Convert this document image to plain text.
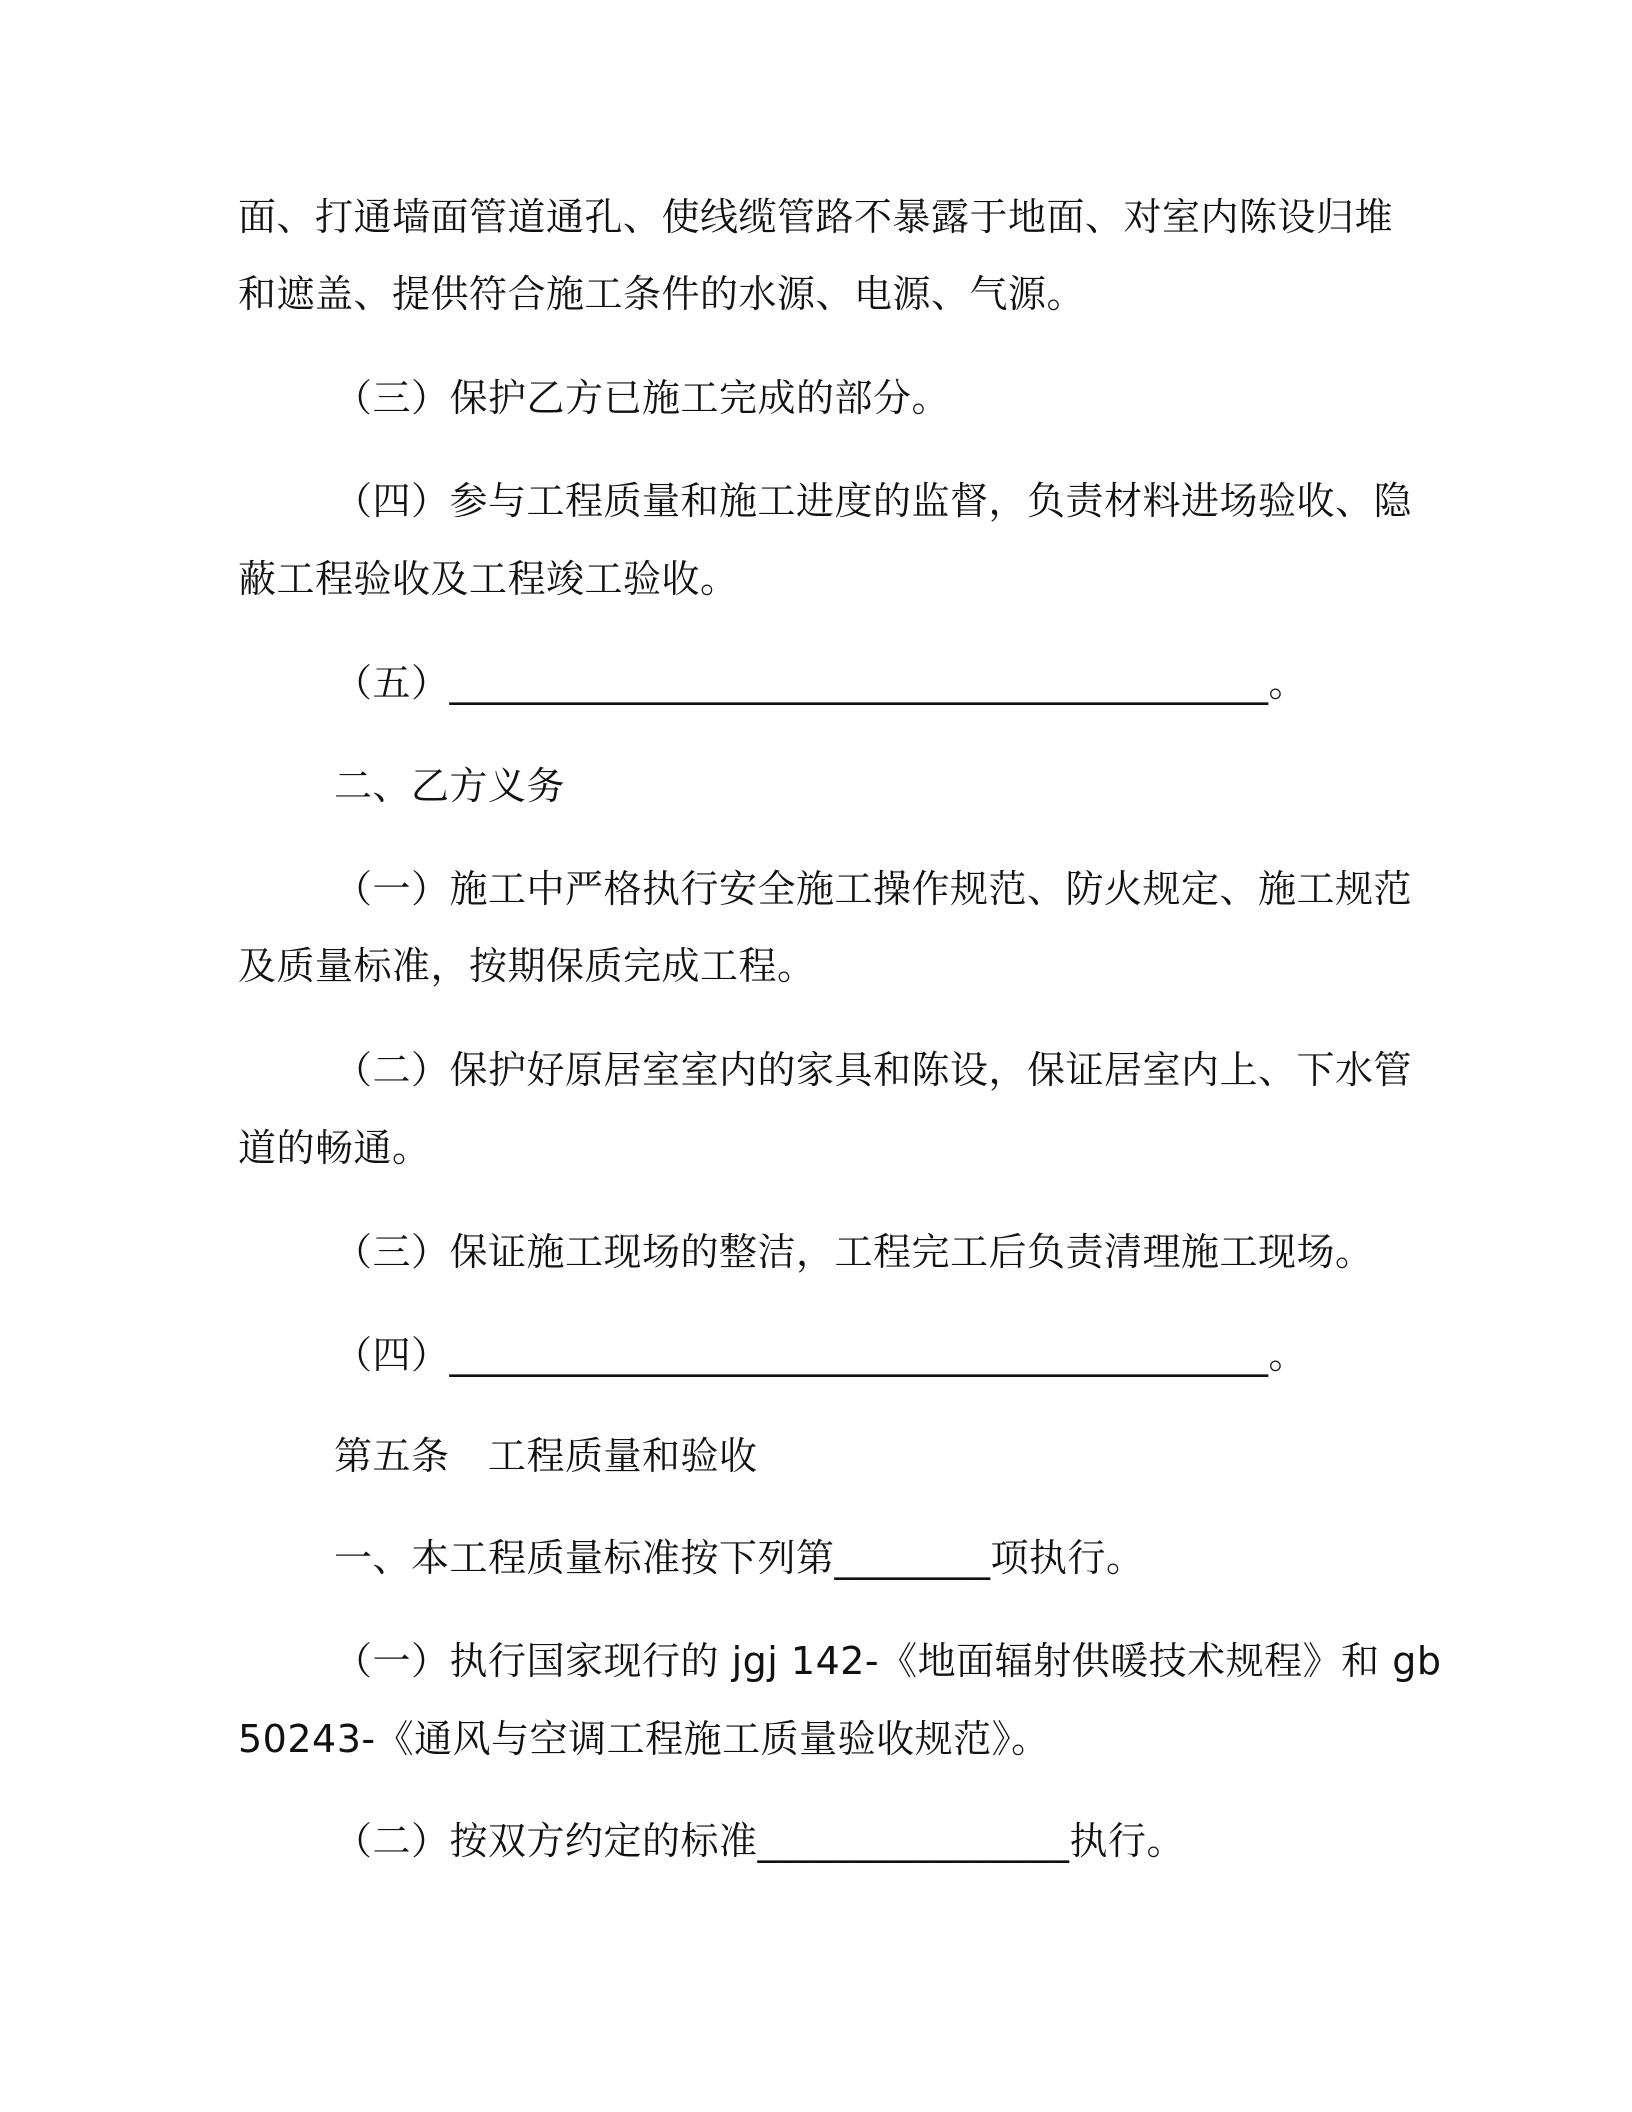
面、打通墙面管道通孔、使线缆管路不暴露于地面、对室内陈设归堆
和遮盖、提供符合施工条件的水源、电源、气源。
（三）保护乙方已施工完成的部分。
（四）参与工程质量和施工进度的监督，负责材料进场验收、隐
蔽工程验收及工程竣工验收。
（五）__________________________________________。
二、乙方义务
（一）施工中严格执行安全施工操作规范、防火规定、施工规范
及质量标准，按期保质完成工程。
（二）保护好原居室室内的家具和陈设，保证居室内上、下水管
道的畅通。
（三）保证施工现场的整洁，工程完工后负责清理施工现场。
（四）__________________________________________。
第五条　工程质量和验收
一、本工程质量标准按下列第________项执行。
（一）执行国家现行的 jgj 142-《地面辐射供暖技术规程》和 gb
50243-《通风与空调工程施工质量验收规范》。
（二）按双方约定的标准________________执行。
